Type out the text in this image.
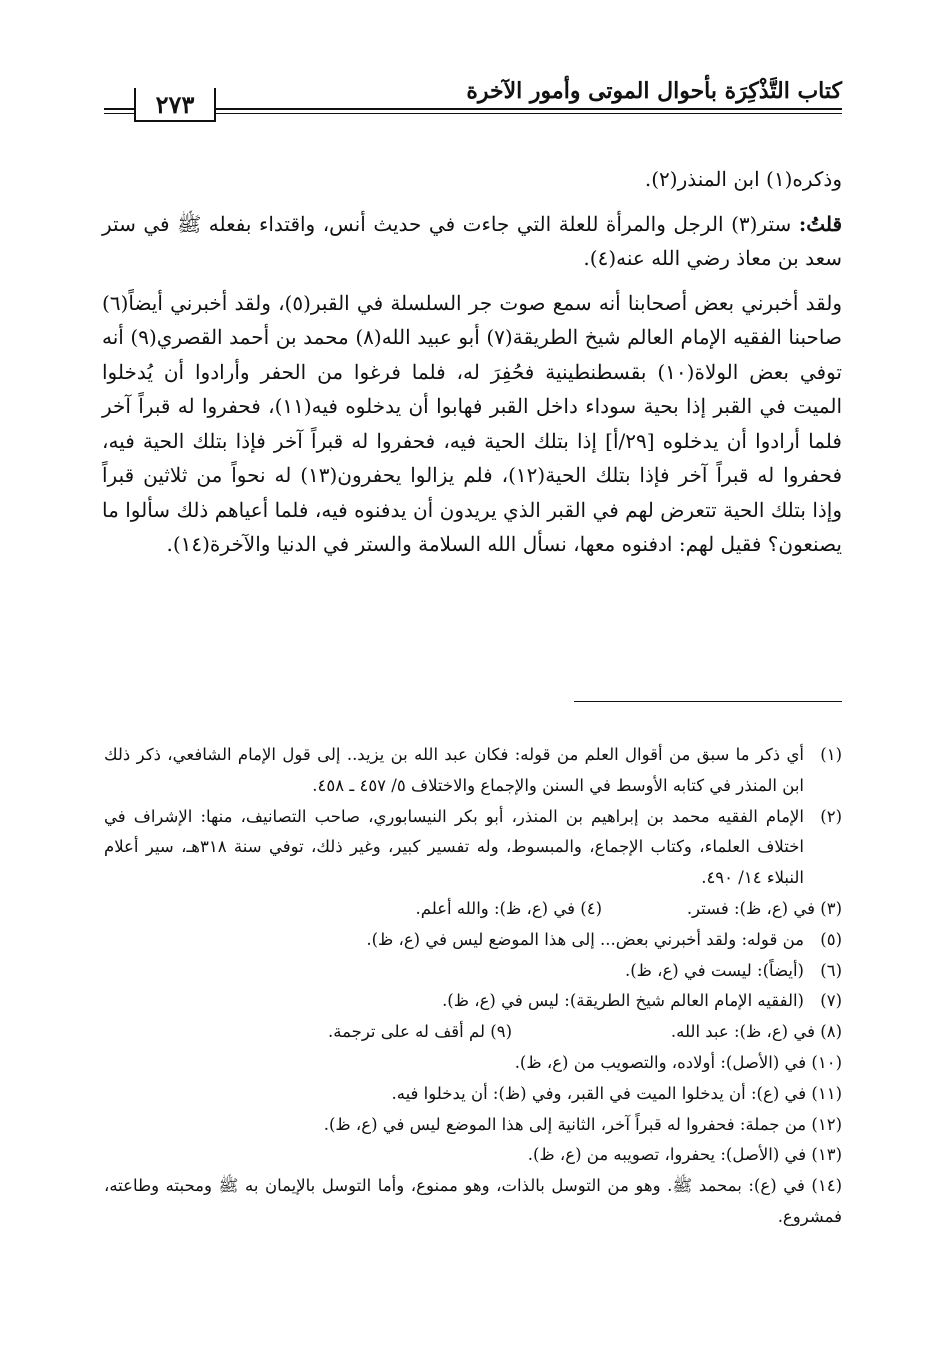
كتاب التَّذْكِرَة بأحوال الموتى وأمور الآخرة
٢٧٣

وذكره(١) ابن المنذر(٢).

قلتُ: ستر(٣) الرجل والمرأة للعلة التي جاءت في حديث أنس، واقتداء بفعله ﷺ في ستر سعد بن معاذ رضي الله عنه(٤).

ولقد أخبرني بعض أصحابنا أنه سمع صوت جر السلسلة في القبر(٥)، ولقد أخبرني أيضاً(٦) صاحبنا الفقيه الإمام العالم شيخ الطريقة(٧) أبو عبيد الله(٨) محمد بن أحمد القصري(٩) أنه توفي بعض الولاة(١٠) بقسطنطينية فحُفِرَ له، فلما فرغوا من الحفر وأرادوا أن يُدخلوا الميت في القبر إذا بحية سوداء داخل القبر فهابوا أن يدخلوه فيه(١١)، فحفروا له قبراً آخر فلما أرادوا أن يدخلوه [٢٩/أ] إذا بتلك الحية فيه، فحفروا له قبراً آخر فإذا بتلك الحية فيه، فحفروا له قبراً آخر فإذا بتلك الحية(١٢)، فلم يزالوا يحفرون(١٣) له نحواً من ثلاثين قبراً وإذا بتلك الحية تتعرض لهم في القبر الذي يريدون أن يدفنوه فيه، فلما أعياهم ذلك سألوا ما يصنعون؟ فقيل لهم: ادفنوه معها، نسأل الله السلامة والستر في الدنيا والآخرة(١٤).

(١)
أي ذكر ما سبق من أقوال العلم من قوله: فكان عبد الله بن يزيد.. إلى قول الإمام الشافعي، ذكر ذلك ابن المنذر في كتابه الأوسط في السنن والإجماع والاختلاف ٥/ ٤٥٧ ـ ٤٥٨.
(٢)
الإمام الفقيه محمد بن إبراهيم بن المنذر، أبو بكر النيسابوري، صاحب التصانيف، منها: الإشراف في اختلاف العلماء، وكتاب الإجماع، والمبسوط، وله تفسير كبير، وغير ذلك، توفي سنة ٣١٨هـ، سير أعلام النبلاء ١٤/ ٤٩٠.
(٣) في (ع، ظ): فستر.
(٤) في (ع، ظ): والله أعلم.
(٥)
من قوله: ولقد أخبرني بعض... إلى هذا الموضع ليس في (ع، ظ).
(٦)
(أيضاً): ليست في (ع، ظ).
(٧)
(الفقيه الإمام العالم شيخ الطريقة): ليس في (ع، ظ).
(٨) في (ع، ظ): عبد الله.
(٩) لم أقف له على ترجمة.
(١٠) في (الأصل): أولاده، والتصويب من (ع، ظ).
(١١) في (ع): أن يدخلوا الميت في القبر، وفي (ظ): أن يدخلوا فيه.
(١٢) من جملة: فحفروا له قبراً آخر، الثانية إلى هذا الموضع ليس في (ع، ظ).
(١٣) في (الأصل): يحفروا، تصويبه من (ع، ظ).
(١٤) في (ع): بمحمد ﷺ. وهو من التوسل بالذات، وهو ممنوع، وأما التوسل بالإيمان به ﷺ ومحبته وطاعته، فمشروع.
